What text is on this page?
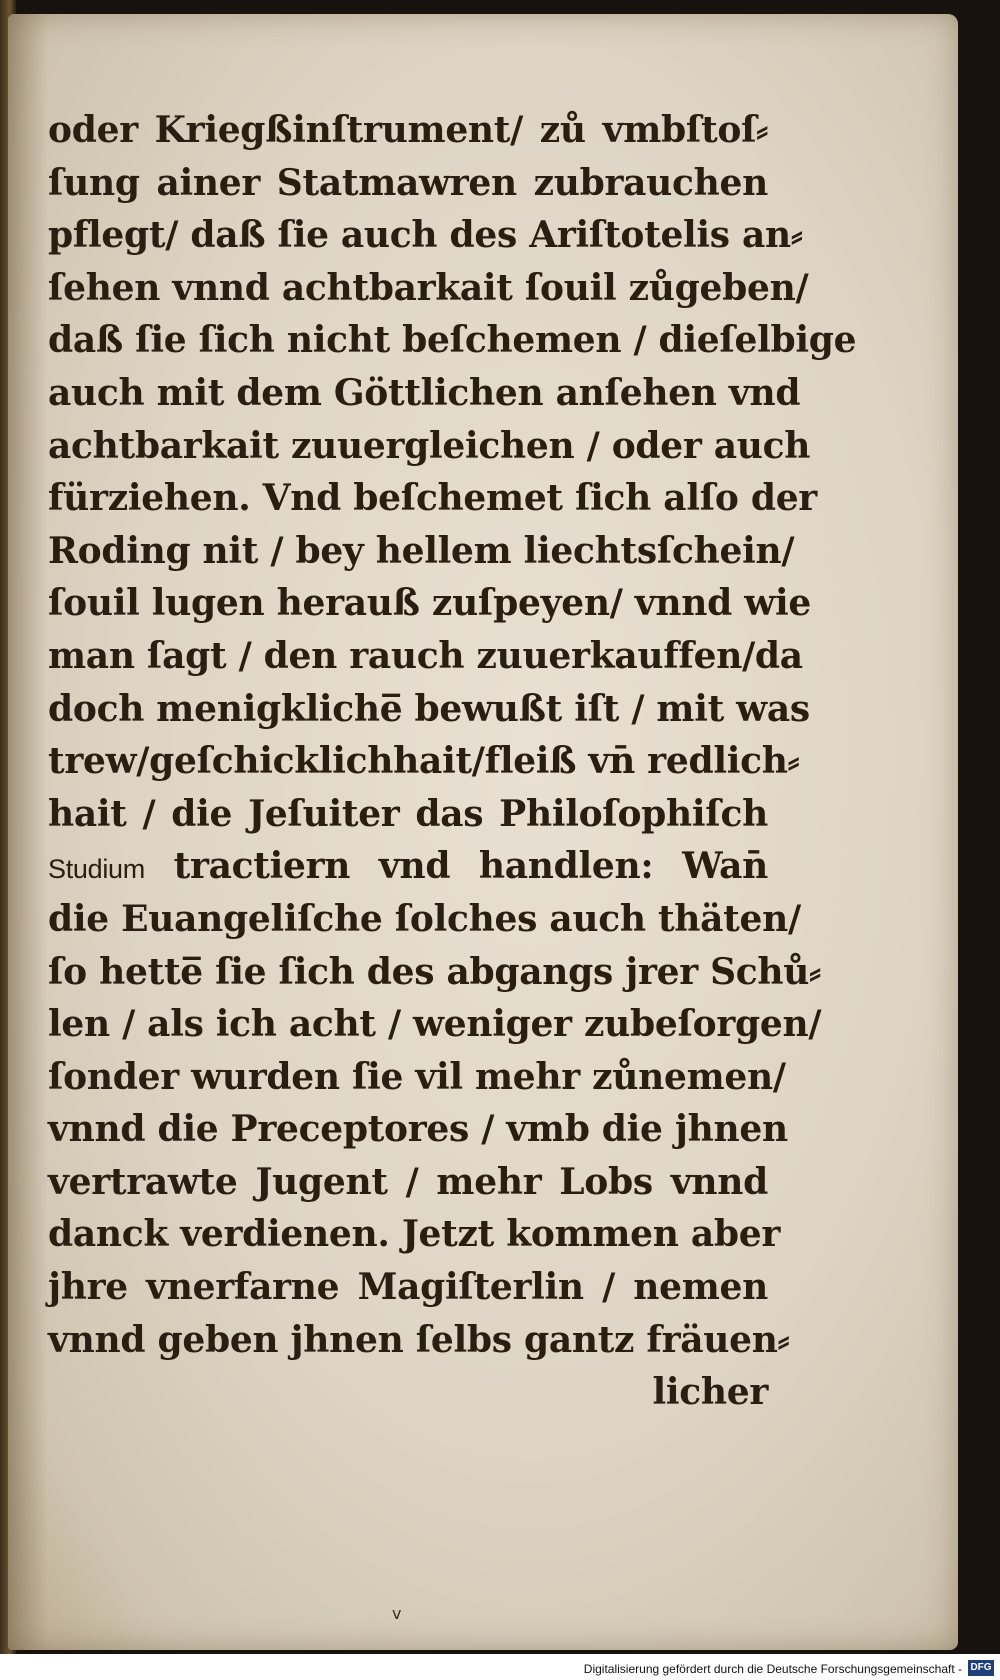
oder Kriegßinſtrument/ zů vmbſtoſ⸗
ſung ainer Statmawren zubrauchen
pflegt/ daß ſie auch des Ariſtotelis an⸗
ſehen vnnd achtbarkait ſouil zůgeben/
daß ſie ſich nicht beſchemen / dieſelbige
auch mit dem Göttlichen anſehen vnd
achtbarkait zuuergleichen / oder auch
fürziehen. Vnd beſchemet ſich alſo der
Roding nit / bey hellem liechtsſchein/
ſouil lugen herauß zuſpeyen/ vnnd wie
man ſagt / den rauch zuuerkauffen/da
doch menigkliche̅ bewußt iſt / mit was
trew/geſchicklichhait/fleiß vn̄ redlich⸗
hait / die Jeſuiter das Philoſophiſch
Studium tractiern vnd handlen: Wan̄
die Euangeliſche ſolches auch thäten/
ſo hette̅ ſie ſich des abgangs jrer Schů⸗
len / als ich acht / weniger zubeſorgen/
ſonder wurden ſie vil mehr zůnemen/
vnnd die Preceptores / vmb die jhnen
vertrawte Jugent / mehr Lobs vnnd
danck verdienen. Jetzt kommen aber
jhre vnerfarne Magiſterlin / nemen
vnnd geben jhnen ſelbs gantz fräuen⸗
licher
v
Digitalisierung gefördert durch die Deutsche Forschungsgemeinschaft - DFG
